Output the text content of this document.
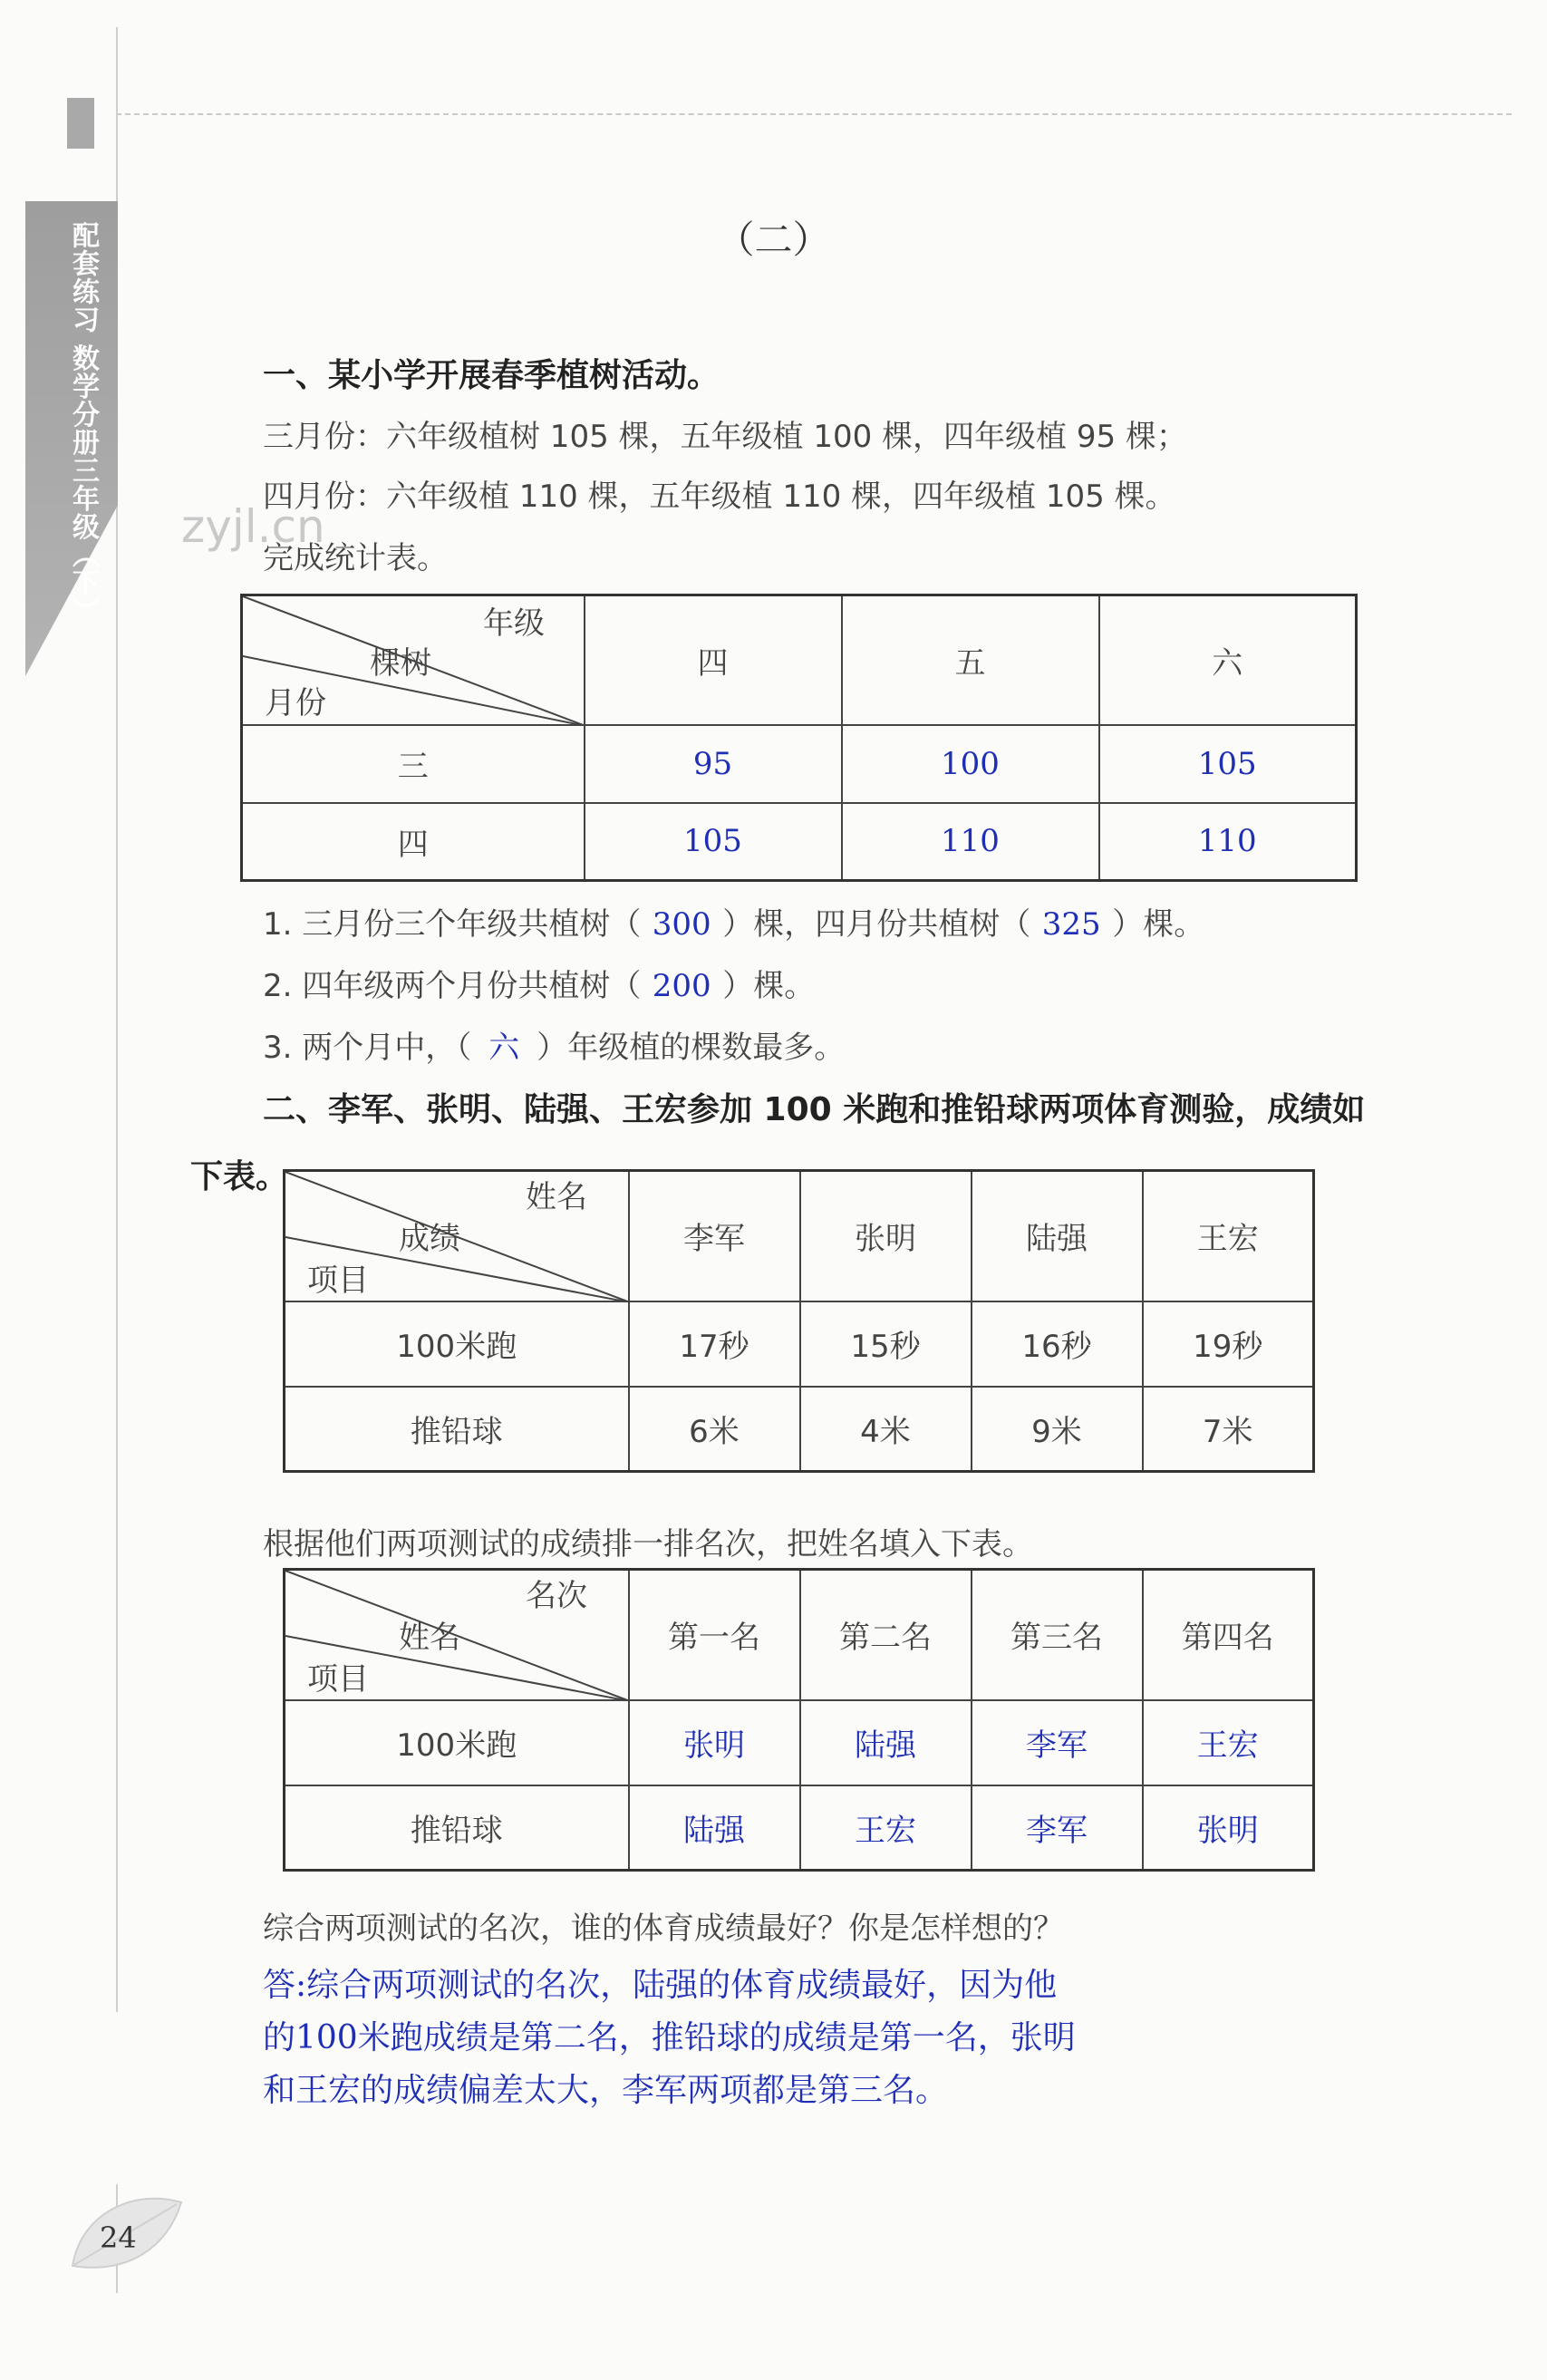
配套练习 数学分册三年级（下） zyjl.cn
（二）
一、某小学开展春季植树活动。
三月份：六年级植树 105 棵，五年级植 100 棵，四年级植 95 棵；
四月份：六年级植 110 棵，五年级植 110 棵，四年级植 105 棵。
完成统计表。
年级
棵树
月份	四	五	六
三	95	100	105
四	105	110	110
1. 三月份三个年级共植树（ 300 ）棵，四月份共植树（ 325 ）棵。
2. 四年级两个月份共植树（ 200 ）棵。
3. 两个月中，（ 六 ）年级植的棵数最多。
二、李军、张明、陆强、王宏参加 100 米跑和推铅球两项体育测验，成绩如
下表。
姓名
成绩
项目	李军	张明	陆强	王宏
100米跑	17秒	15秒	16秒	19秒
推铅球	6米	4米	9米	7米
根据他们两项测试的成绩排一排名次，把姓名填入下表。
名次
姓名
项目	第一名	第二名	第三名	第四名
100米跑	张明	陆强	李军	王宏
推铅球	陆强	王宏	李军	张明
综合两项测试的名次，谁的体育成绩最好？你是怎样想的？
答:综合两项测试的名次，陆强的体育成绩最好，因为他
的100米跑成绩是第二名，推铅球的成绩是第一名，张明
和王宏的成绩偏差太大，李军两项都是第三名。
24
